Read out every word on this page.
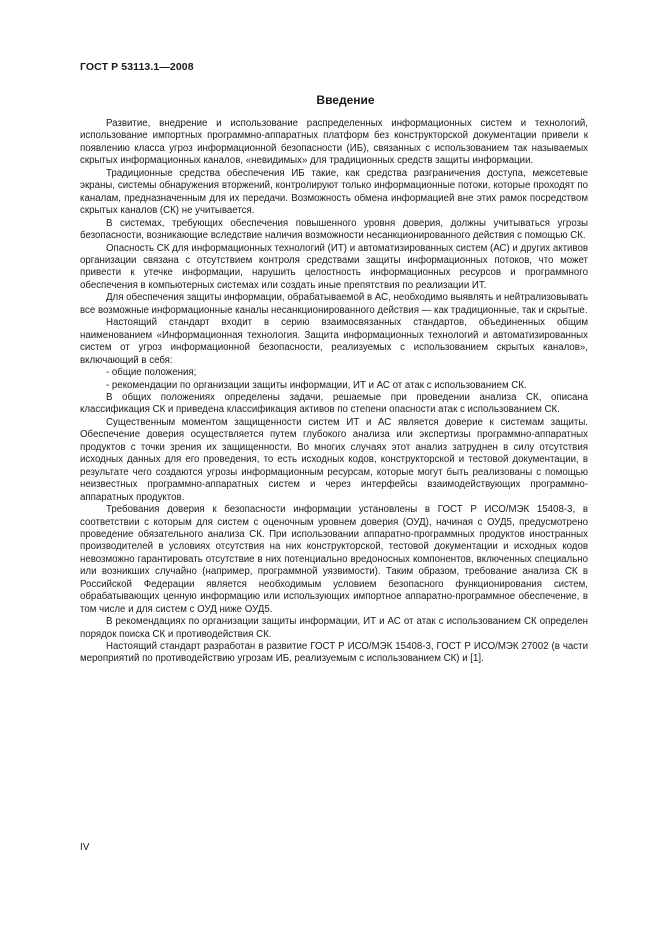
ГОСТ Р 53113.1—2008
Введение

Развитие, внедрение и использование распределенных информационных систем и технологий, использование импортных программно-аппаратных платформ без конструкторской документации привели к появлению класса угроз информационной безопасности (ИБ), связанных с использованием так называемых скрытых информационных каналов, «невидимых» для традиционных средств защиты информации.

Традиционные средства обеспечения ИБ такие, как средства разграничения доступа, межсетевые экраны, системы обнаружения вторжений, контролируют только информационные потоки, которые проходят по каналам, предназначенным для их передачи. Возможность обмена информацией вне этих рамок посредством скрытых каналов (СК) не учитывается.

В системах, требующих обеспечения повышенного уровня доверия, должны учитываться угрозы безопасности, возникающие вследствие наличия возможности несанкционированного действия с помощью СК.

Опасность СК для информационных технологий (ИТ) и автоматизированных систем (АС) и других активов организации связана с отсутствием контроля средствами защиты информационных потоков, что может привести к утечке информации, нарушить целостность информационных ресурсов и программного обеспечения в компьютерных системах или создать иные препятствия по реализации ИТ.

Для обеспечения защиты информации, обрабатываемой в АС, необходимо выявлять и нейтрализовывать все возможные информационные каналы несанкционированного действия — как традиционные, так и скрытые.

Настоящий стандарт входит в серию взаимосвязанных стандартов, объединенных общим наименованием «Информационная технология. Защита информационных технологий и автоматизированных систем от угроз информационной безопасности, реализуемых с использованием скрытых каналов», включающий в себя:

- общие положения;

- рекомендации по организации защиты информации, ИТ и АС от атак с использованием СК.

В общих положениях определены задачи, решаемые при проведении анализа СК, описана классификация СК и приведена классификация активов по степени опасности атак с использованием СК.

Существенным моментом защищенности систем ИТ и АС является доверие к системам защиты. Обеспечение доверия осуществляется путем глубокого анализа или экспертизы программно-аппаратных продуктов с точки зрения их защищенности. Во многих случаях этот анализ затруднен в силу отсутствия исходных данных для его проведения, то есть исходных кодов, конструкторской и тестовой документации, в результате чего создаются угрозы информационным ресурсам, которые могут быть реализованы с помощью неизвестных программно-аппаратных систем и через интерфейсы взаимодействующих программно-аппаратных продуктов.

Требования доверия к безопасности информации установлены в ГОСТ Р ИСО/МЭК 15408-3, в соответствии с которым для систем с оценочным уровнем доверия (ОУД), начиная с ОУД5, предусмотрено проведение обязательного анализа СК. При использовании аппаратно-программных продуктов иностранных производителей в условиях отсутствия на них конструкторской, тестовой документации и исходных кодов невозможно гарантировать отсутствие в них потенциально вредоносных компонентов, включенных специально или возникших случайно (например, программной уязвимости). Таким образом, требование анализа СК в Российской Федерации является необходимым условием безопасного функционирования систем, обрабатывающих ценную информацию или использующих импортное аппаратно-программное обеспечение, в том числе и для систем с ОУД ниже ОУД5.

В рекомендациях по организации защиты информации, ИТ и АС от атак с использованием СК определен порядок поиска СК и противодействия СК.

Настоящий стандарт разработан в развитие ГОСТ Р ИСО/МЭК 15408-3, ГОСТ Р ИСО/МЭК 27002 (в части мероприятий по противодействию угрозам ИБ, реализуемым с использованием СК) и [1].

IV
